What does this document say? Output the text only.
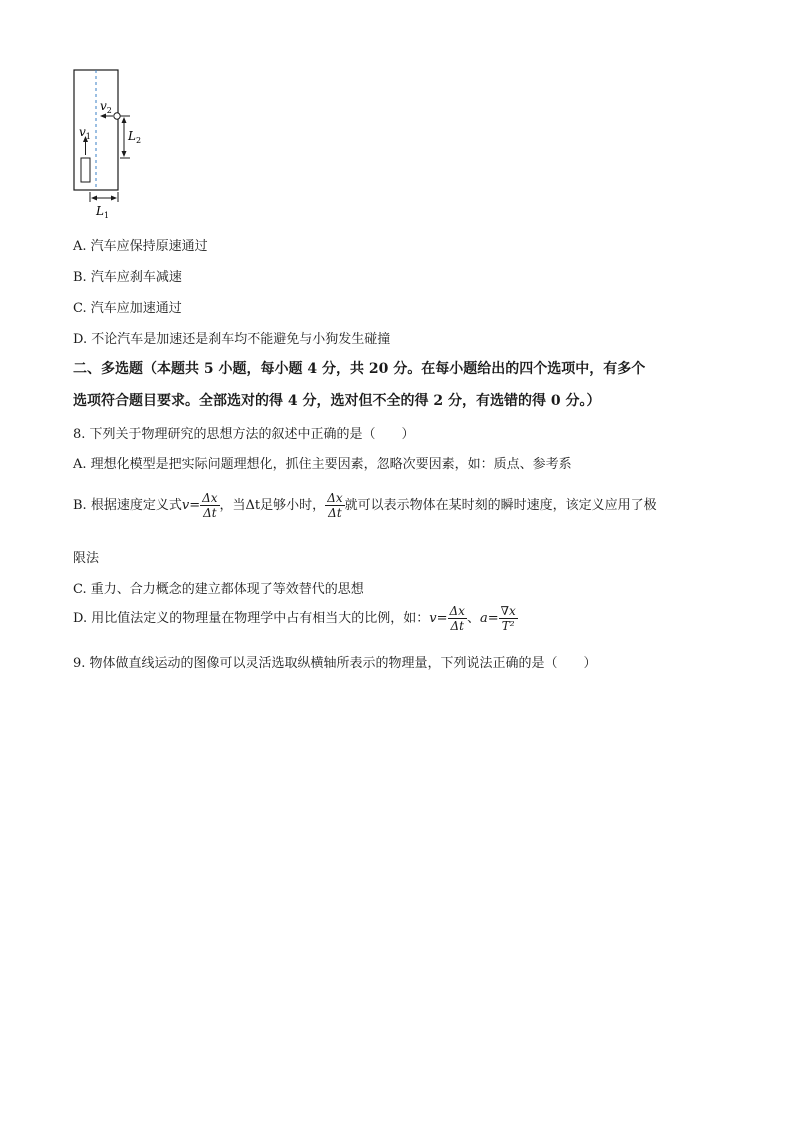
$v_1$
$v_2$
$L_2$
$L_1$
A. 汽车应保持原速通过
B. 汽车应刹车减速
C. 汽车应加速通过
D. 不论汽车是加速还是刹车均不能避免与小狗发生碰撞
二、多选题（本题共 5 小题，每小题 4 分，共 20 分。在每小题给出的四个选项中，有多个
选项符合题目要求。全部选对的得 4 分，选对但不全的得 2 分，有选错的得 0 分。）
8. 下列关于物理研究的思想方法的叙述中正确的是（　　）
A. 理想化模型是把实际问题理想化，抓住主要因素，忽略次要因素，如：质点、参考系
B. 根据速度定义式$v= \frac{\Delta x}{\Delta t}$ ，当Δt足够小时， $\frac{\Delta x}{\Delta t}$ 就可以表示物体在某时刻的瞬时速度，该定义应用了极
限法
C. 重力、合力概念的建立都体现了等效替代的思想
D. 用比值法定义的物理量在物理学中占有相当大的比例，如：$v= \frac{\Delta x}{\Delta t}$ 、$a= \frac{\nabla x}{\text{T²}}$
9. 物体做直线运动的图像可以灵活选取纵横轴所表示的物理量，下列说法正确的是（　　）
